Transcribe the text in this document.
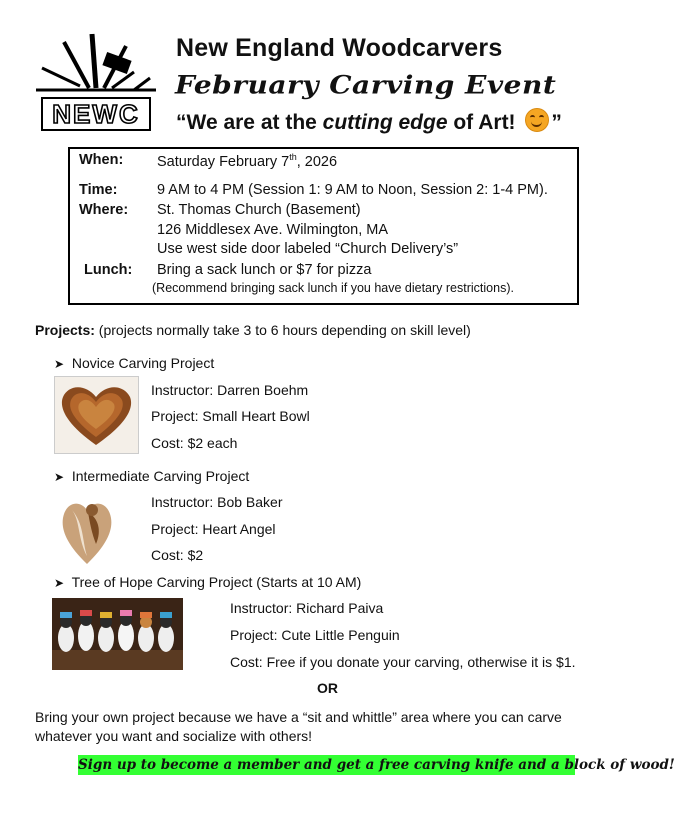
NEWC
New England Woodcarvers
February Carving Event
“We are at the cutting edge of Art!
”
When: Saturday February 7th, 2026
Time:	9 AM to 4 PM (Session 1: 9 AM to Noon, Session 2: 1-4 PM).
Where: St. Thomas Church (Basement)
126 Middlesex Ave. Wilmington, MA
Use west side door labeled “Church Delivery’s”
Lunch: Bring a sack lunch or $7 for pizza
(Recommend bringing sack lunch if you have dietary restrictions).
Projects: (projects normally take 3 to 6 hours depending on skill level)
➤ Novice Carving Project
Instructor: Darren Boehm
Project: Small Heart Bowl
Cost: $2 each
➤ Intermediate Carving Project
Instructor: Bob Baker
Project: Heart Angel
Cost: $2
➤ Tree of Hope Carving Project (Starts at 10 AM)
Instructor: Richard Paiva
Project: Cute Little Penguin
Cost: Free if you donate your carving, otherwise it is $1.
OR
Bring your own project because we have a “sit and whittle” area where you can carve
whatever you want and socialize with others!
Sign up to become a member and get a free carving knife and a block of wood!
